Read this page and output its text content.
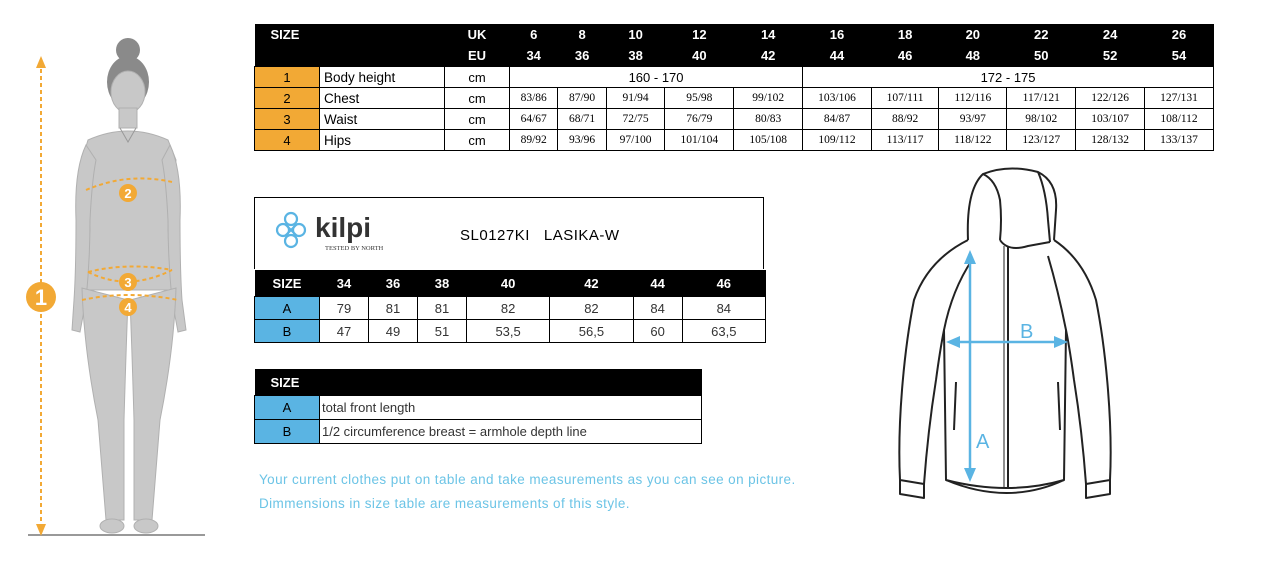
1
2
3
4
SIZE		UK	6	8	10	12	14	16	18	20	22	24	26
		EU	34	36	38	40	42	44	46	48	50	52	54
1	Body height	cm	160 - 170					172 - 175					
2	Chest	cm	83/86	87/90	91/94	95/98	99/102	103/106	107/111	112/116	117/121	122/126	127/131
3	Waist	cm	64/67	68/71	72/75	76/79	80/83	84/87	88/92	93/97	98/102	103/107	108/112
4	Hips	cm	89/92	93/96	97/100	101/104	105/108	109/112	113/117	118/122	123/127	128/132	133/137
kilpi
TESTED BY NORTH
SL0127KI   LASIKA-W
SIZE	34	36	38	40	42	44	46
A	79	81	81	82	82	84	84
B	47	49	51	53,5	56,5	60	63,5
SIZE	
A	total front length
B	1/2 circumference breast = armhole depth line
Your current clothes put on table and take measurements as you can see on picture.
Dimmensions in size table are measurements of this style.
A
B
